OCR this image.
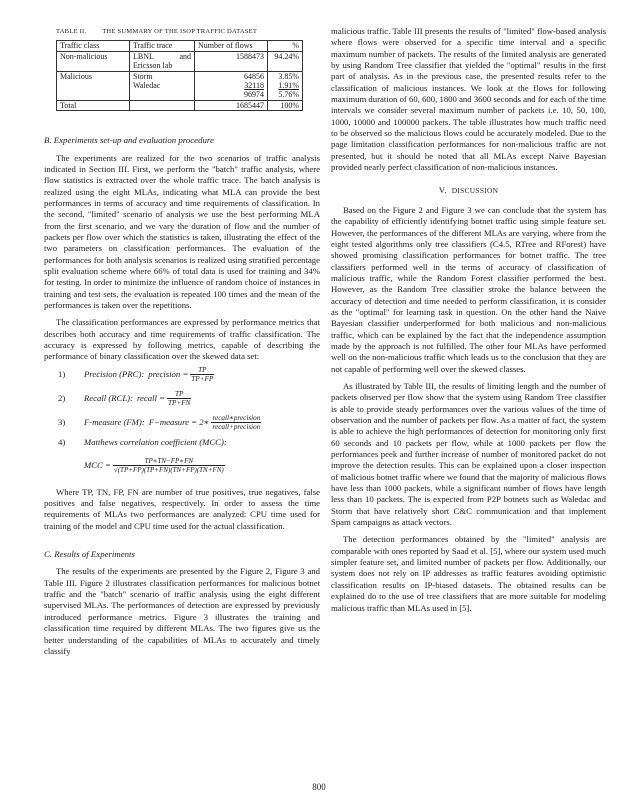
TABLE II. THE SUMMARY OF THE ISOP TRAFFIC DATASET
Traffic class	Traffic trace	Number of flows	%
Non-malicious	LBNL and Ericsson lab	1588473	94.24%
Malicious	Storm	64856	3.85%
	Waledac	32118	1.91%
		96974	5.76%
Total		1685447	100%
B. Experiments set-up and evaluation procedure

The experiments are realized for the two scenarios of traffic analysis indicated in Section III. First, we perform the "batch" traffic analysis, where flow statistics is extracted over the whole traffic trace. The batch analysis is realized using the eight MLAs, indicating what MLA can provide the best performances in terms of accuracy and time requirements of classification. In the second, "limited" scenario of analysis we use the best performing MLA from the first scenario, and we vary the duration of flow and the number of packets per flow over which the statistics is taken, illustrating the effect of the two parameters on classification performances. The evaluation of the performances for both analysis scenarios is realized using stratified percentage split evaluation scheme where 66% of total data is used for training and 34% for testing. In order to minimize the influence of random choice of instances in training and test sets, the evaluation is repeated 100 times and the mean of the performances is taken over the repetitions.

The classification performances are expressed by performance metrics that describes both accuracy and time requirements of traffic classification. The accuracy is expressed by following metrics, capable of describing the performance of binary classification over the skewed data set:

1)	Precision (PRC): precision = $\frac{TP}{TP+FP}$
2)	Recall (RCL): recall = $\frac{TP}{TP+FN}$
3)	F-measure (FM): F−measure = 2∗ $\frac{\text{recall∗precision}}{\text{recall+precision}}$
4)	Matthews correlation coefficient (MCC):
MCC = $\frac{TP∗TN-FP∗FN}{√(TP+FP)(TP+FN)(TN+FP)(TN+FN)}$

Where TP, TN, FP, FN are number of true positives, true negatives, false positives and false negatives, respectively. In order to assess the time requirements of MLAs two performances are analyzed: CPU time used for training of the model and CPU time used for the actual classification.

C. Results of Experiments

The results of the experiments are presented by the Figure 2, Figure 3 and Table III. Figure 2 illustrates classification performances for malicious botnet traffic and the "batch" scenario of traffic analysis using the eight different supervised MLAs. The performances of detection are expressed by previously introduced performance metrics. Figure 3 illustrates the training and classification time required by different MLAs. The two figures give us the better understanding of the capabilities of MLAs to accurately and timely classify

malicious traffic. Table III presents the results of "limited" flow-based analysis where flows were observed for a specific time interval and a specific maximum number of packets. The results of the limited analysis are generated by using Random Tree classifier that yielded the "optimal" results in the first part of analysis. As in the previous case, the presented results refer to the classification of malicious instances. We look at the flows for following maximum duration of 60, 600, 1800 and 3600 seconds and for each of the time intervals we consider several maximum number of packets i.e. 10, 50, 100, 1000, 10000 and 100000 packets. The table illustrates how much traffic need to be observed so the malicious flows could be accurately modeled. Due to the page limitation classification performances for non-malicious traffic are not presented, but it should be noted that all MLAs except Naive Bayesian provided nearly perfect classification of non-malicious instances.

V. DISCUSSION

Based on the Figure 2 and Figure 3 we can conclude that the system has the capability of efficiently identifying botnet traffic using simple feature set. However, the performances of the different MLAs are varying, where from the eight tested algorithms only tree classifiers (C4.5, RTree and RForest) have showed promising classification performances for botnet traffic. The tree classifiers performed well in the terms of accuracy of classification of malicious traffic, while the Random Forest classifier performed the best. However, as the Random Tree classifier stroke the balance between the accuracy of detection and time needed to perform classification, it is consider as the "optimal" for learning task in question. On the other hand the Naive Bayesian classifier underperformed for both malicious and non-malicious traffic, which can be explained by the fact that the independence assumption made by the approach is not fulfilled. The other four MLAs have performed well on the non-malicious traffic which leads us to the conclusion that they are not capable of performing well over the skewed classes.

As illustrated by Table III, the results of limiting length and the number of packets observed per flow show that the system using Random Tree classifier is able to provide steady performances over the various values of the time of observation and the number of packets per flow. As a matter of fact, the system is able to achieve the high performances of detection for monitoring only first 60 seconds and 10 packets per flow, while at 1000 packets per flow the performances peek and further increase of number of monitored packet do not improve the detection results. This can be explained upon a closer inspection of malicious botnet traffic where we found that the majority of malicious flows have less than 1000 packets, while a significant number of flows have length less than 10 packets. The is expected from P2P botnets such as Waledac and Storm that have relatively short C&C communication and that implement Spam campaigns as attack vectors.

The detection performances obtained by the "limited" analysis are comparable with ones reported by Saad et al. [5], where our system used much simpler feature set, and limited number of packets per flow. Additionally, our system does not rely on IP addresses as traffic features avoiding optimistic classification results on IP-biased datasets. The obtained results can be explained do to the use of tree classifiers that are more suitable for modeling malicious traffic than MLAs used in [5].

800
